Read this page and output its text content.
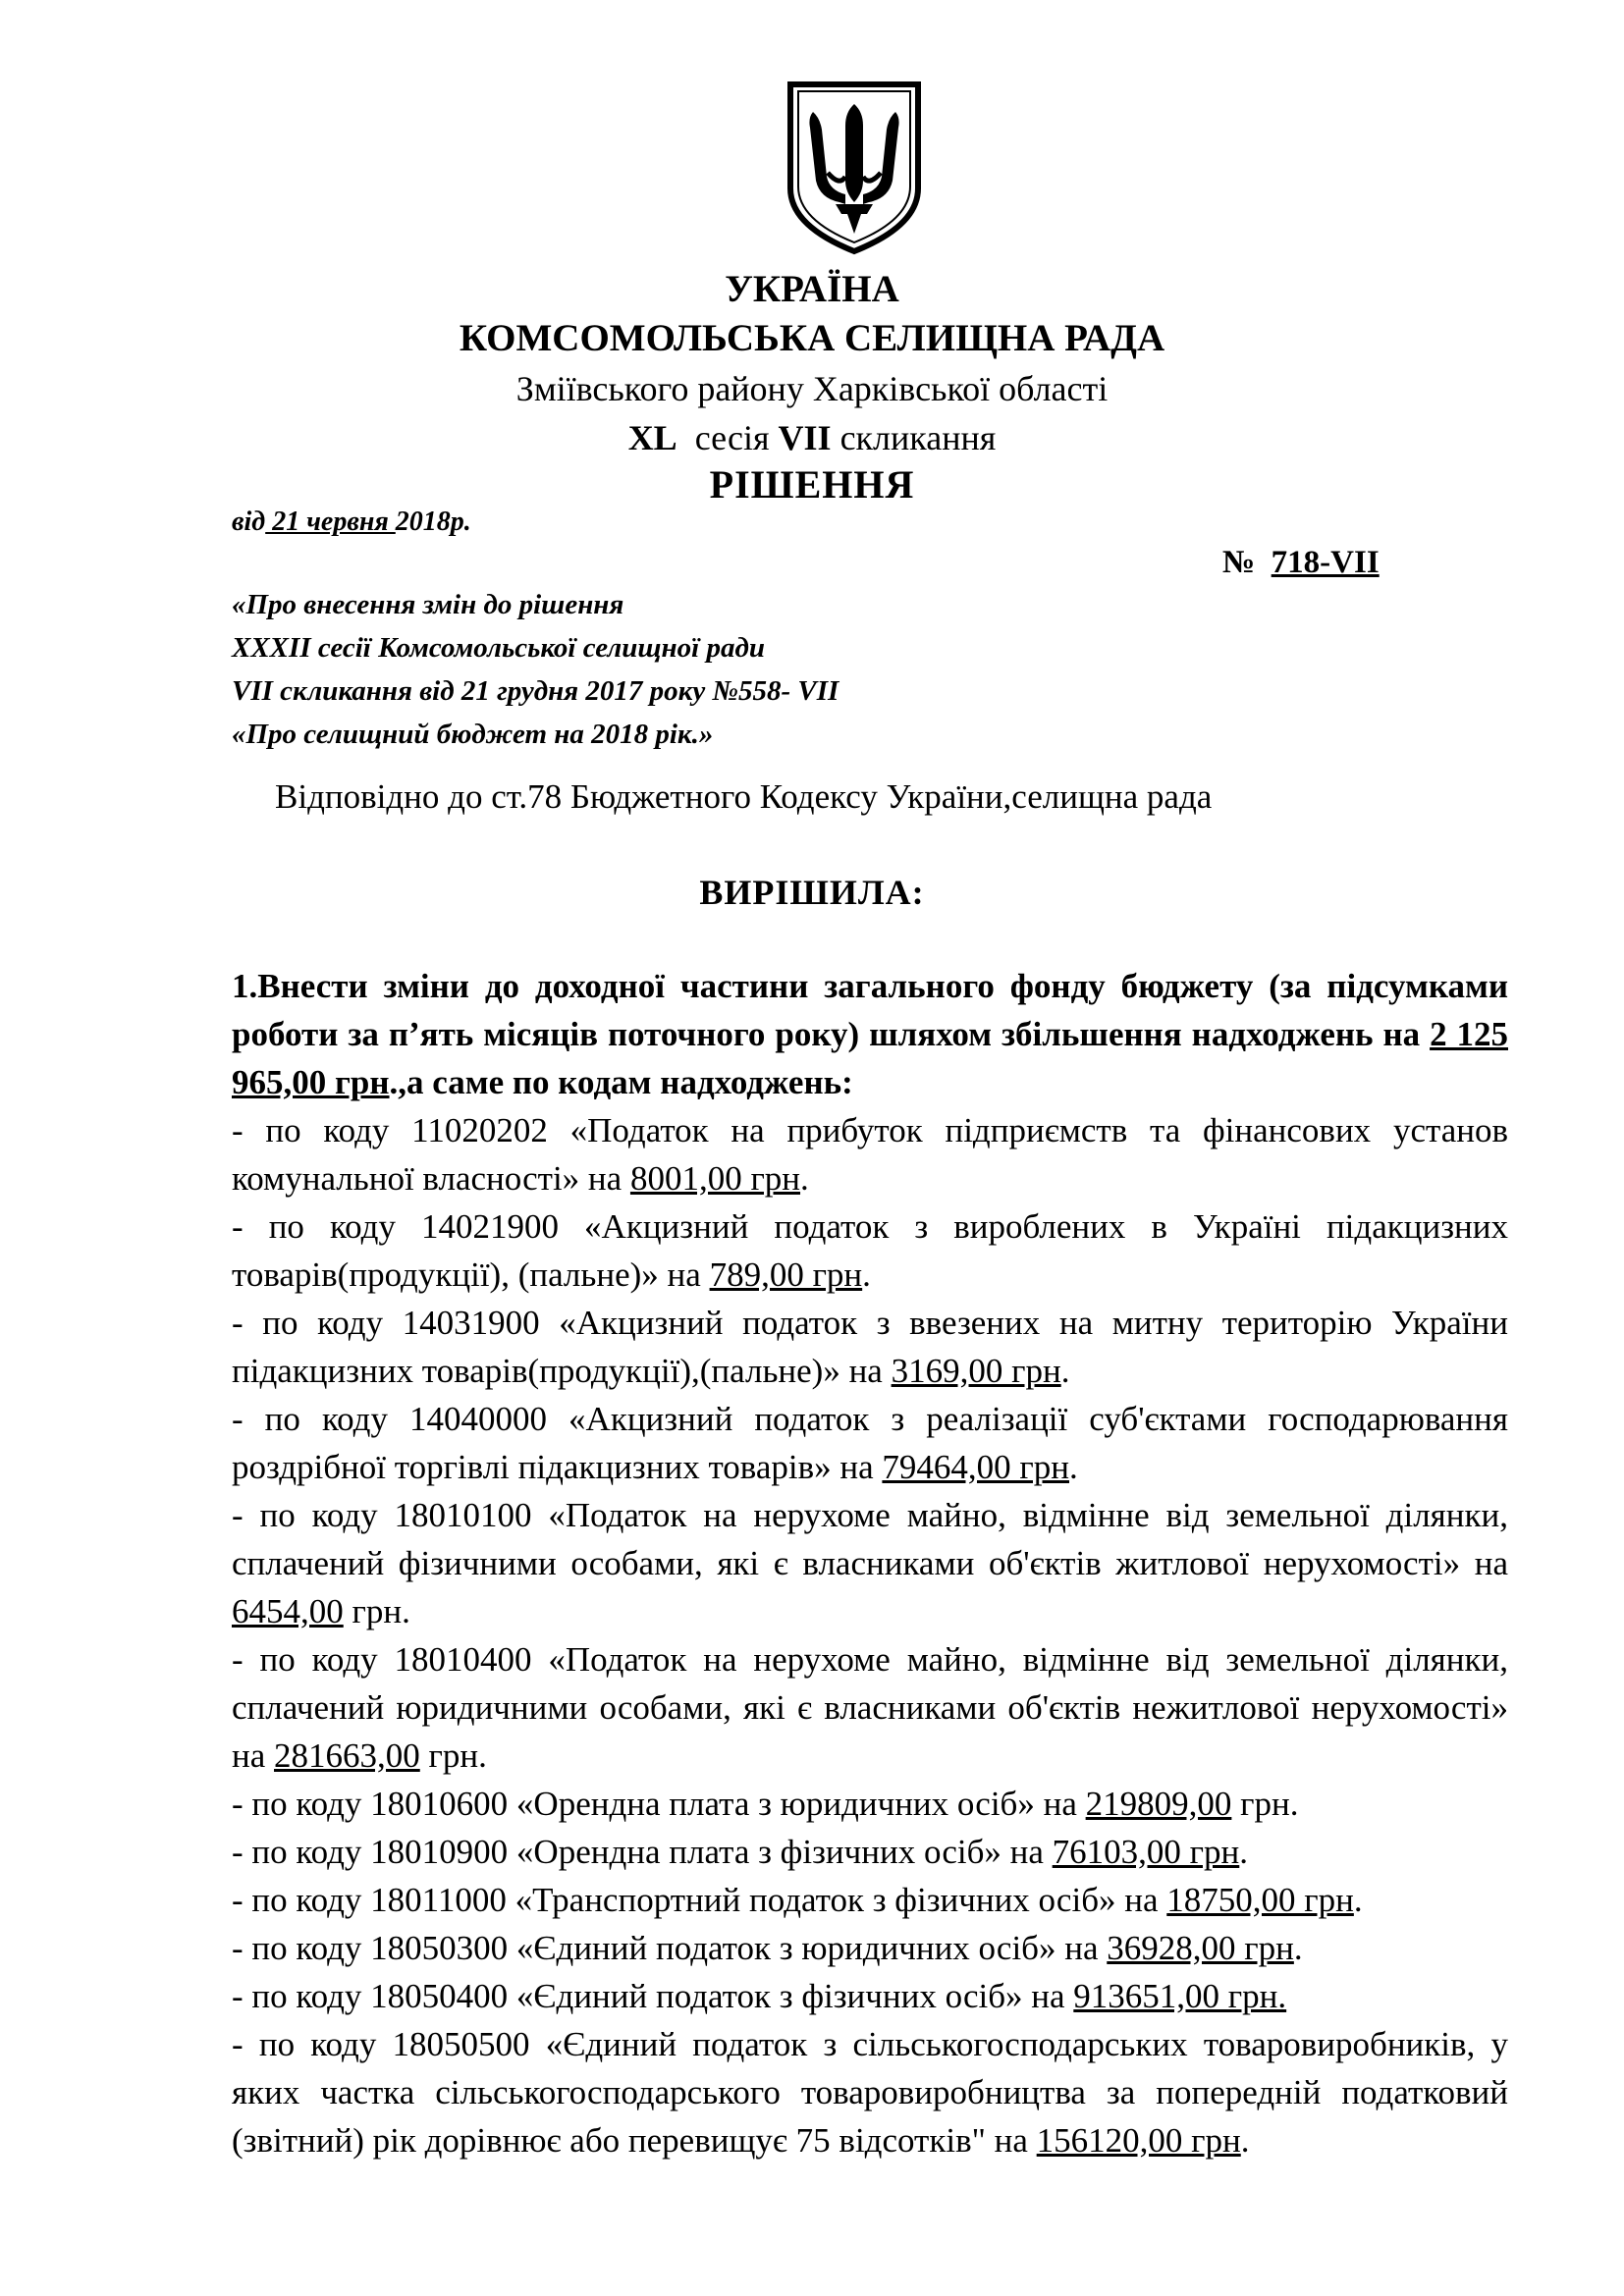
УКРАЇНА
КОМСОМОЛЬСЬКА СЕЛИЩНА РАДА
Зміївського району Харківської області
XL сесія VII скликання
РІШЕННЯ
від 21 червня 2018р.
№ 718-VII
«Про внесення змін до рішення
XXXII сесії Комсомольської селищної ради
VII скликання від 21 грудня 2017 року №558- VII
«Про селищний бюджет на 2018 рік.»
Відповідно до ст.78 Бюджетного Кодексу України,селищна рада
ВИРІШИЛА:

1.Внести зміни до доходної частини загального фонду бюджету (за підсумками роботи за п’ять місяців поточного року) шляхом збільшення надходжень на 2 125 965,00 грн.,а саме по кодам надходжень:

- по коду 11020202 «Податок на прибуток підприємств та фінансових установ комунальної власності» на 8001,00 грн.

- по коду 14021900 «Акцизний податок з вироблених в Україні підакцизних товарів(продукції), (пальне)» на 789,00 грн.

- по коду 14031900 «Акцизний податок з ввезених на митну територію України підакцизних товарів(продукції),(пальне)» на 3169,00 грн.

- по коду 14040000 «Акцизний податок з реалізації суб'єктами господарювання роздрібної торгівлі підакцизних товарів» на 79464,00 грн.

- по коду 18010100 «Податок на нерухоме майно, відмінне від земельної ділянки, сплачений фізичними особами, які є власниками об'єктів житлової нерухомості» на 6454,00 грн.

- по коду 18010400 «Податок на нерухоме майно, відмінне від земельної ділянки, сплачений юридичними особами, які є власниками об'єктів нежитлової нерухомості» на 281663,00 грн.

- по коду 18010600 «Орендна плата з юридичних осіб» на 219809,00 грн.

- по коду 18010900 «Орендна плата з фізичних осіб» на 76103,00 грн.

- по коду 18011000 «Транспортний податок з фізичних осіб» на 18750,00 грн.

- по коду 18050300 «Єдиний податок з юридичних осіб» на 36928,00 грн.

- по коду 18050400 «Єдиний податок з фізичних осіб» на 913651,00 грн.

- по коду 18050500 «Єдиний податок з сільськогосподарських товаровиробників, у яких частка сільськогосподарського товаровиробництва за попередній податковий (звітний) рік дорівнює або перевищує 75 відсотків" на 156120,00 грн.
